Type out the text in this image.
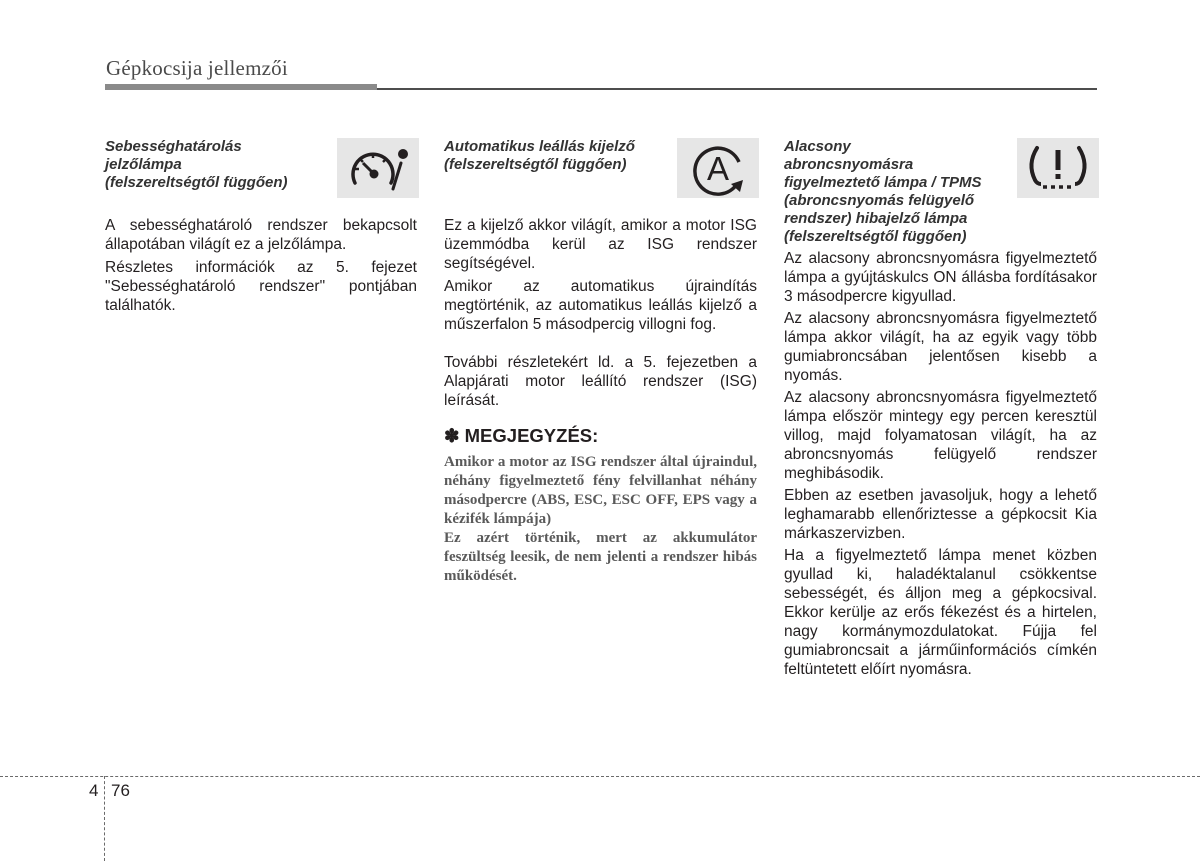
Gépkocsija jellemzői
Sebességhatárolás
jelzőlámpa
(felszereltségtől függően)

A sebességhatároló rendszer bekapcsolt állapotában világít ez a jelzőlámpa.

Részletes információk az 5. fejezet "Sebességhatároló rendszer" pontjában találhatók.

Automatikus leállás kijelző
(felszereltségtől függően) A

Ez a kijelző akkor világít, amikor a motor ISG üzemmódba kerül az ISG rendszer segítségével.

Amikor az automatikus újraindítás megtörténik, az automatikus leállás kijelző a műszerfalon 5 másodpercig villogni fog.

További részletekért ld. a 5. fejezetben a Alapjárati motor leállító rendszer (ISG) leírását.

✽ MEGJEGYZÉS:

Amikor a motor az ISG rendszer által újraindul, néhány figyelmeztető fény felvillanhat néhány másodpercre (ABS, ESC, ESC OFF, EPS vagy a kézifék lámpája)

Ez azért történik, mert az akkumulátor feszültség leesik, de nem jelenti a rendszer hibás működését.

Alacsony
abroncsnyomásra
figyelmeztető lámpa / TPMS
(abroncsnyomás felügyelő
rendszer) hibajelző lámpa
(felszereltségtől függően)

Az alacsony abroncsnyomásra figyelmeztető lámpa a gyújtáskulcs ON állásba fordításakor 3 másodpercre kigyullad.

Az alacsony abroncsnyomásra figyelmeztető lámpa akkor világít, ha az egyik vagy több gumiabroncsában jelentősen kisebb a nyomás.

Az alacsony abroncsnyomásra figyelmeztető lámpa először mintegy egy percen keresztül villog, majd folyamatosan világít, ha az abroncsnyomás felügyelő rendszer meghibásodik.

Ebben az esetben javasoljuk, hogy a lehető leghamarabb ellenőriztesse a gépkocsit Kia márkaszervizben.

Ha a figyelmeztető lámpa menet közben gyullad ki, haladéktalanul csökkentse sebességét, és álljon meg a gépkocsival. Ekkor kerülje az erős fékezést és a hirtelen, nagy kormánymozdulatokat. Fújja fel gumiabroncsait a járműinformációs címkén feltüntetett előírt nyomásra.

4 76
